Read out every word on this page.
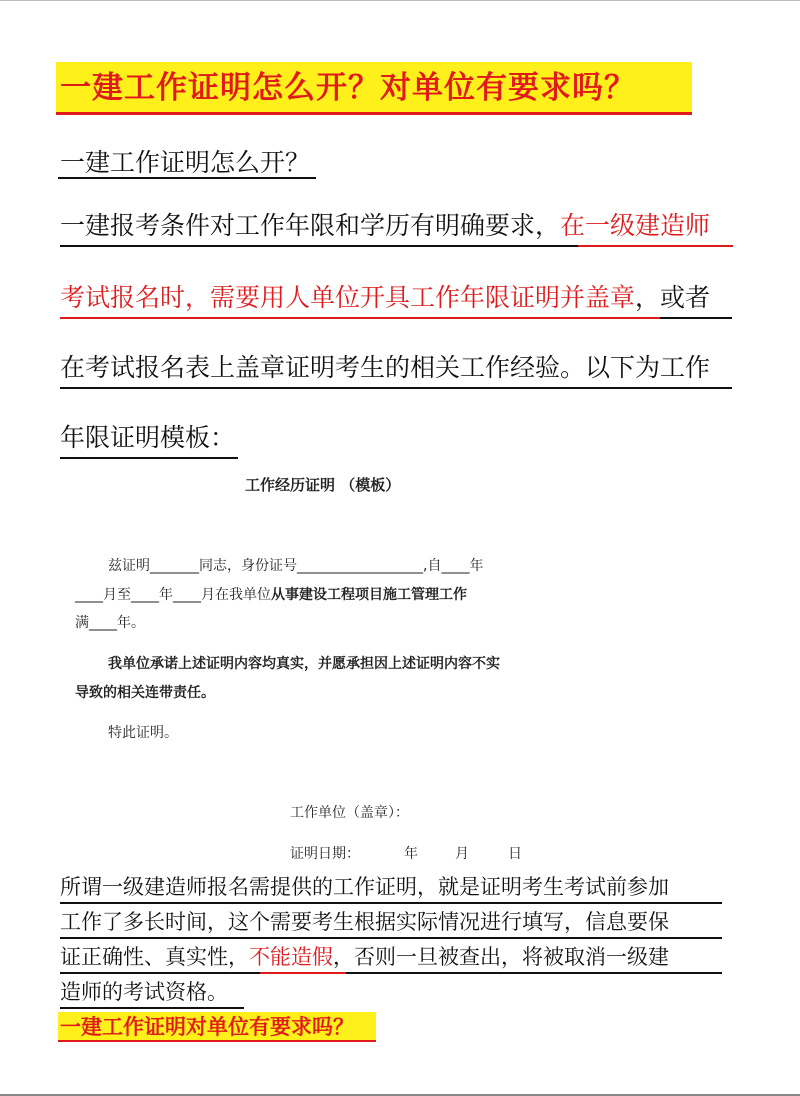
一建工作证明怎么开？对单位有要求吗？
一建工作证明怎么开？
一建报考条件对工作年限和学历有明确要求，在一级建造师
考试报名时，需要用人单位开具工作年限证明并盖章，或者
在考试报名表上盖章证明考生的相关工作经验。以下为工作
年限证明模板：
工作经历证明 （模板）
兹证明_______同志，身份证号__________________,自____年
____月至____年____月在我单位从事建设工程项目施工管理工作
满____年。
我单位承诺上述证明内容均真实，并愿承担因上述证明内容不实
导致的相关连带责任。
特此证明。
工作单位（盖章）：
证明日期：	年	月	日
所谓一级建造师报名需提供的工作证明，就是证明考生考试前参加
工作了多长时间，这个需要考生根据实际情况进行填写，信息要保
证正确性、真实性，不能造假，否则一旦被查出，将被取消一级建
造师的考试资格。
一建工作证明对单位有要求吗？
